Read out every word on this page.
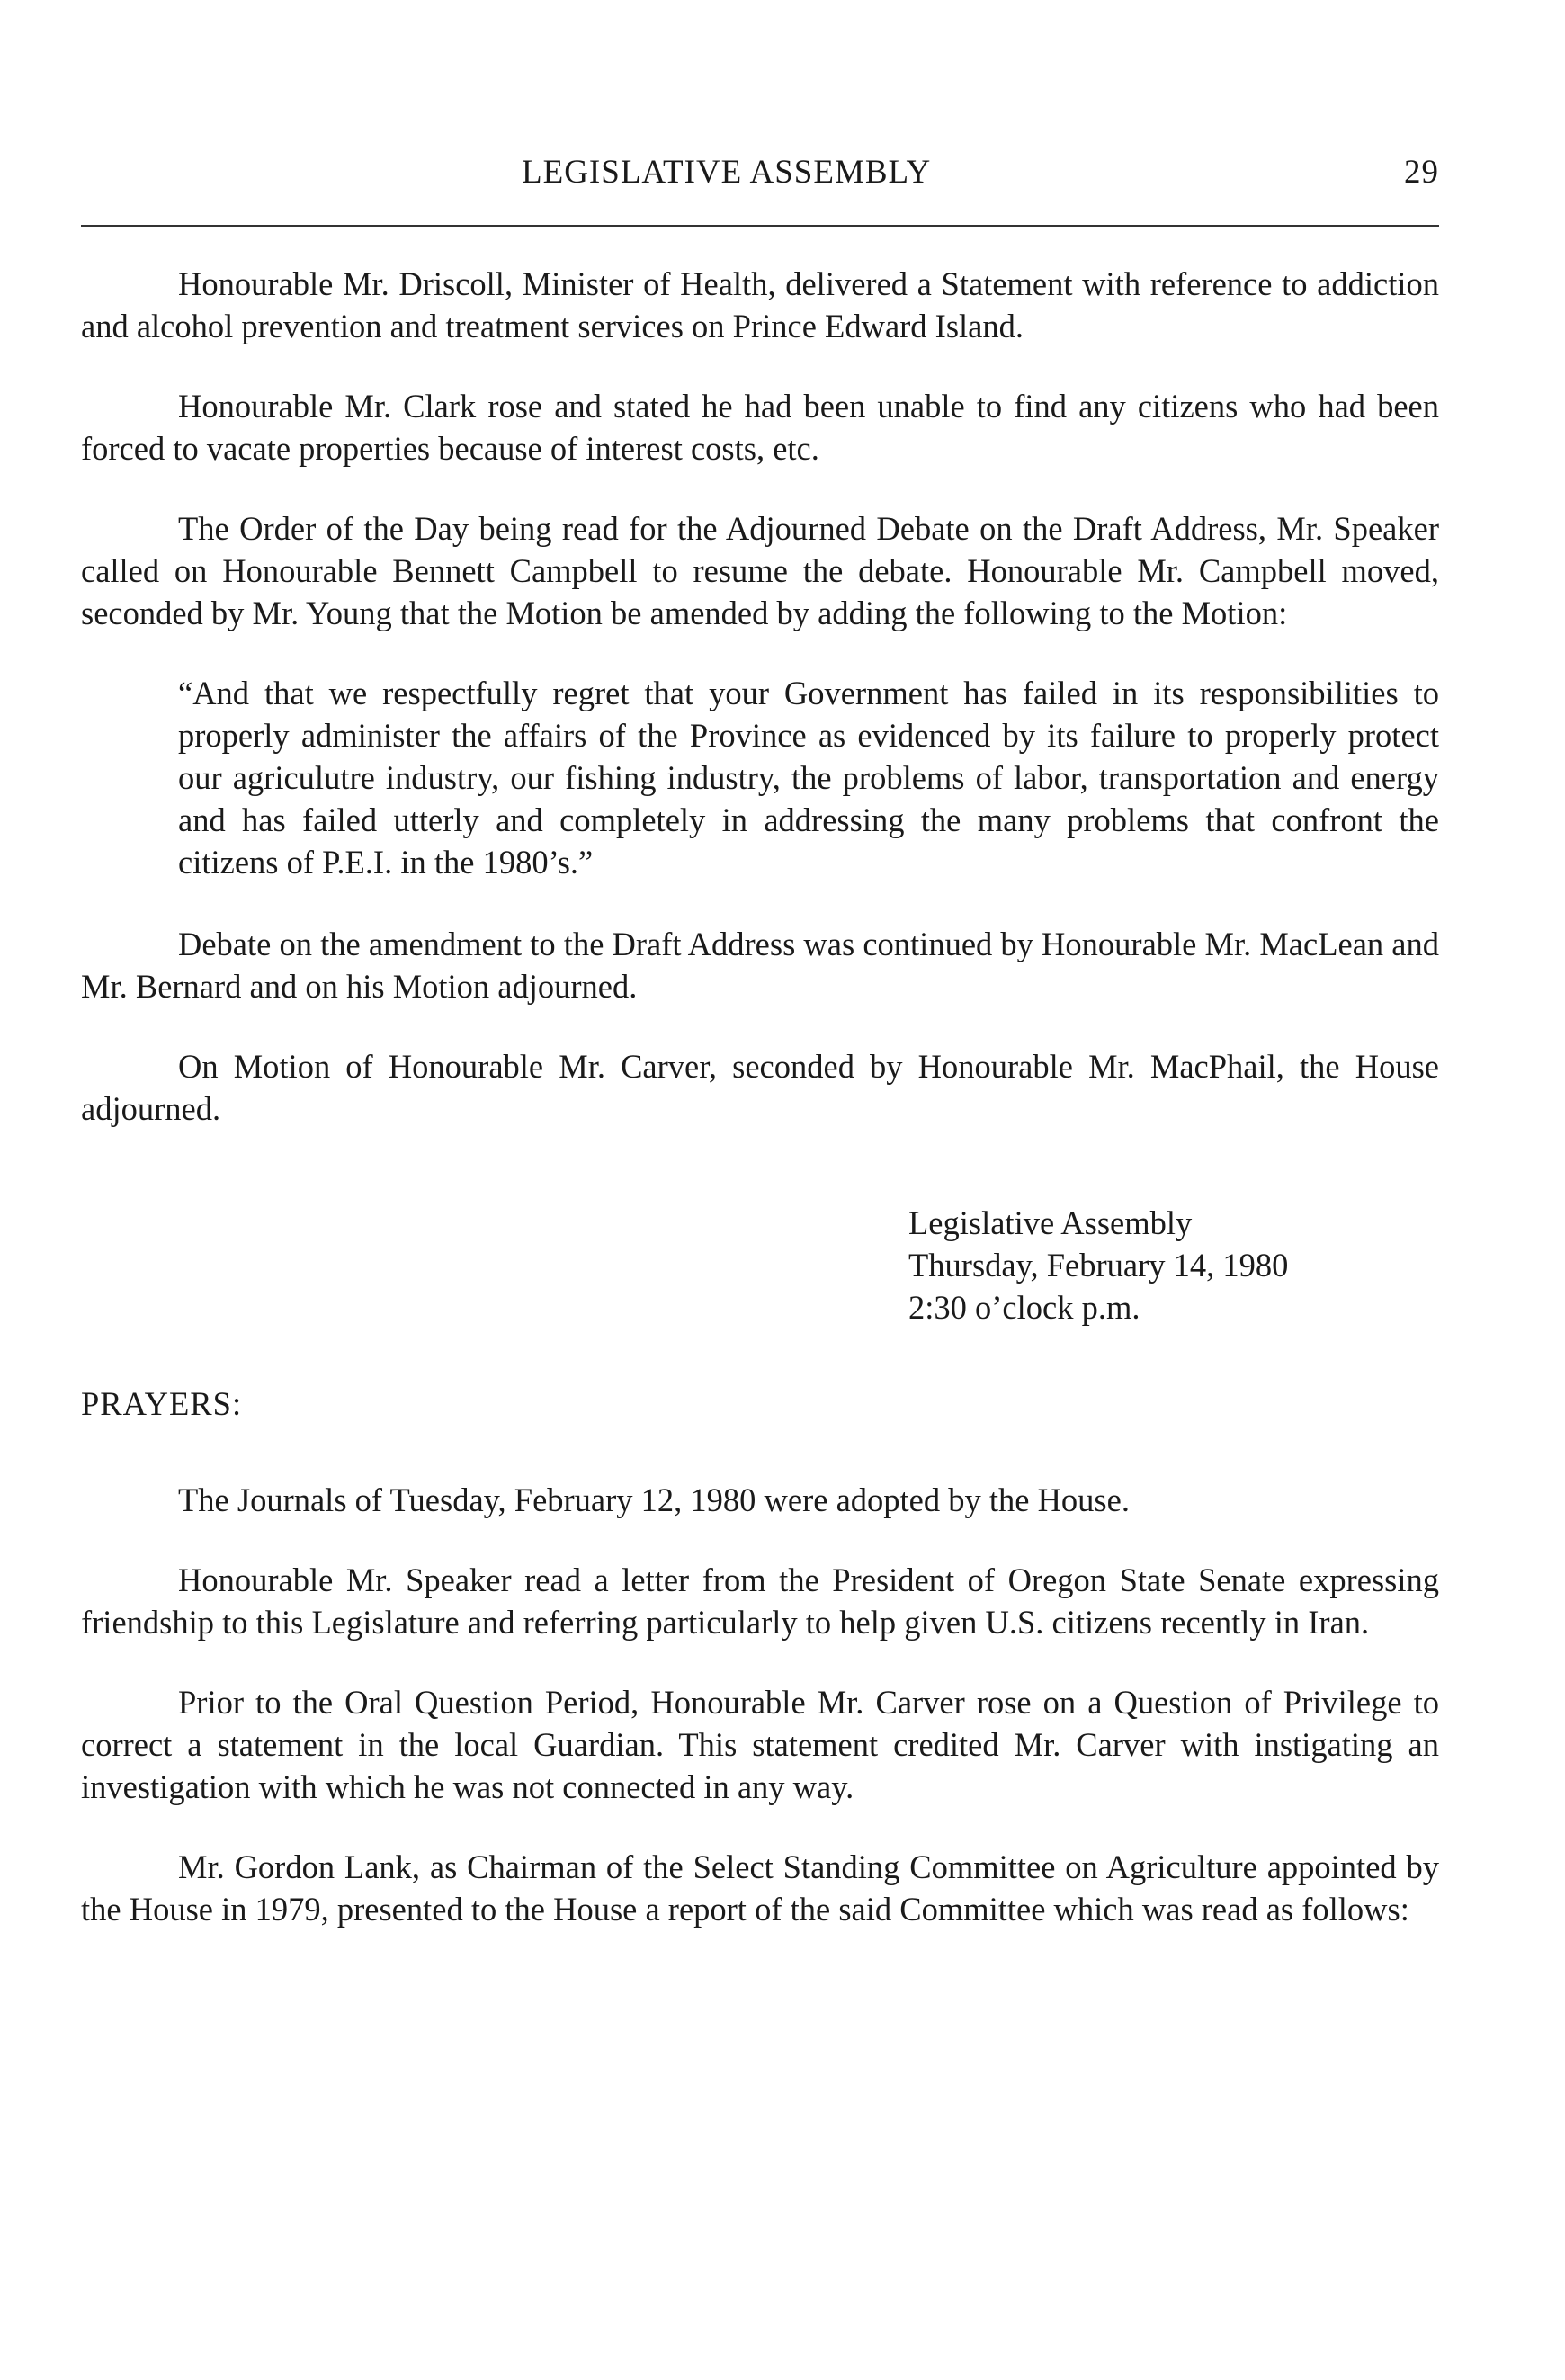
LEGISLATIVE ASSEMBLY	29

Honourable Mr. Driscoll, Minister of Health, delivered a Statement with reference to addiction and alcohol prevention and treatment services on Prince Edward Island.

Honourable Mr. Clark rose and stated he had been unable to find any citizens who had been forced to vacate properties because of interest costs, etc.

The Order of the Day being read for the Adjourned Debate on the Draft Address, Mr. Speaker called on Honourable Bennett Campbell to resume the debate. Honourable Mr. Campbell moved, seconded by Mr. Young that the Motion be amended by adding the following to the Motion:

“And that we respectfully regret that your Government has failed in its responsibilities to properly administer the affairs of the Province as evidenced by its failure to properly protect our agriculutre industry, our fishing industry, the problems of labor, transportation and energy and has failed utterly and completely in addressing the many problems that confront the citizens of P.E.I. in the 1980’s.”

Debate on the amendment to the Draft Address was continued by Honourable Mr. MacLean and Mr. Bernard and on his Motion adjourned.

On Motion of Honourable Mr. Carver, seconded by Honourable Mr. MacPhail, the House adjourned.

Legislative Assembly
Thursday, February 14, 1980
2:30 o’clock p.m.
PRAYERS:

The Journals of Tuesday, February 12, 1980 were adopted by the House.

Honourable Mr. Speaker read a letter from the President of Oregon State Senate expressing friendship to this Legislature and referring particularly to help given U.S. citizens recently in Iran.

Prior to the Oral Question Period, Honourable Mr. Carver rose on a Question of Privilege to correct a statement in the local Guardian. This statement credited Mr. Carver with instigating an investigation with which he was not connected in any way.

Mr. Gordon Lank, as Chairman of the Select Standing Committee on Agriculture appointed by the House in 1979, presented to the House a report of the said Committee which was read as follows:
